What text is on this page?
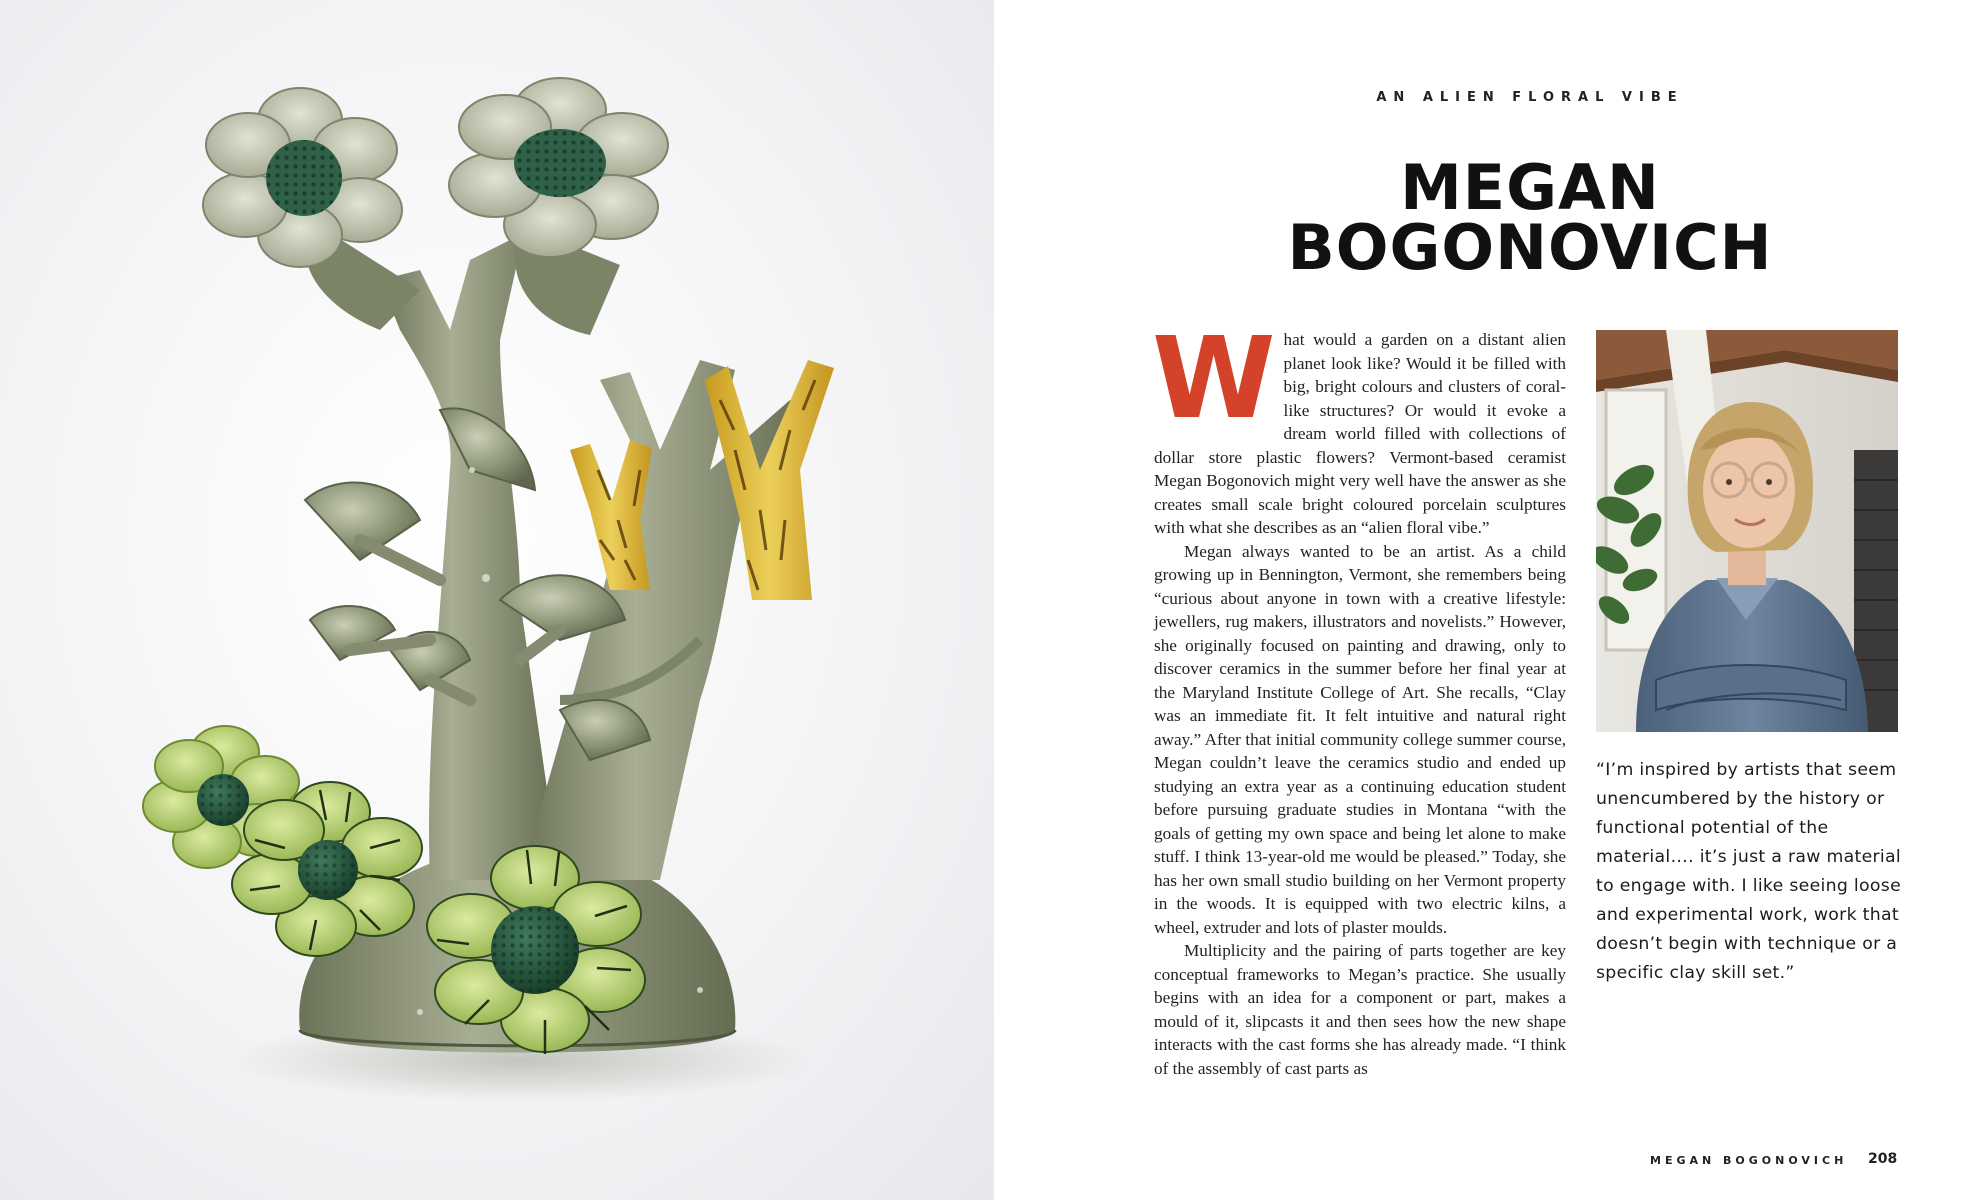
AN ALIEN FLORAL VIBE
MEGAN
BOGONOVICH
W hat would a garden on a distant alien planet look like? Would it be filled with big, bright colours and clusters of coral-like structures? Or would it evoke a dream world filled with collections of dollar store plastic flowers? Vermont-based ceramist Megan Bogonovich might very well have the answer as she creates small scale bright coloured porcelain sculptures with what she describes as an “alien floral vibe.”

Megan always wanted to be an artist. As a child growing up in Bennington, Vermont, she remembers being “curious about anyone in town with a creative lifestyle: jewellers, rug makers, illustrators and novelists.” However, she originally focused on painting and drawing, only to discover ceramics in the summer before her final year at the Maryland Institute College of Art. She recalls, “Clay was an immediate fit. It felt intuitive and natural right away.” After that initial community college summer course, Megan couldn’t leave the ceramics studio and ended up studying an extra year as a continuing education student before pursuing graduate studies in Montana “with the goals of getting my own space and being let alone to make stuff. I think 13-year-old me would be pleased.” Today, she has her own small studio building on her Vermont property in the woods. It is equipped with two electric kilns, a wheel, extruder and lots of plaster moulds.

Multiplicity and the pairing of parts together are key conceptual frameworks to Megan’s practice. She usually begins with an idea for a component or part, makes a mould of it, slipcasts it and then sees how the new shape interacts with the cast forms she has already made. “I think of the assembly of cast parts as

“I’m inspired by artists that seem unencumbered by the history or functional potential of the material…. it’s just a raw material to engage with. I like seeing loose and experimental work, work that doesn’t begin with technique or a specific clay skill set.”
MEGAN BOGONOVICH 208
